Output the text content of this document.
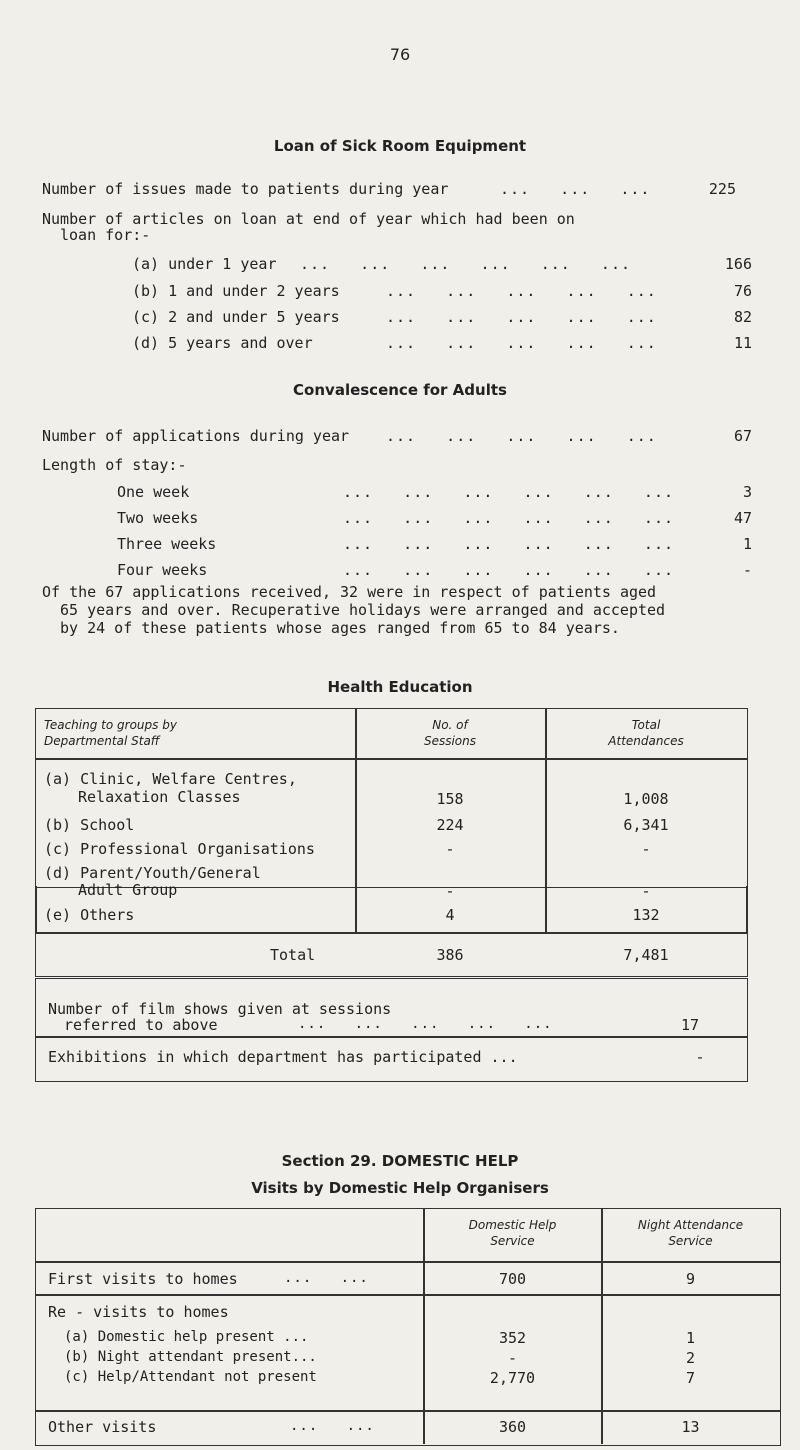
76
Loan of Sick Room Equipment
Number of issues made to patients during year	...   ...   ...	225
Number of articles on loan at end of year which had been on
loan for:-
(a) under 1 year ...   ...   ...   ...   ...   ...	166
(b) 1 and under 2 years	...   ...   ...   ...   ...	76
(c) 2 and under 5 years	...   ...   ...   ...   ...	82
(d) 5 years and over	...   ...   ...   ...   ...	11
Convalescence for Adults
Number of applications during year ...   ...   ...   ...   ...	67
Length of stay:-
One week	...   ...   ...   ...   ...   ...	3
Two weeks	...   ...   ...   ...   ...   ...	47
Three weeks	...   ...   ...   ...   ...   ...	1
Four weeks	...   ...   ...   ...   ...   ...	-
Of the 67 applications received, 32 were in respect of patients aged
65 years and over. Recuperative holidays were arranged and accepted
by 24 of these patients whose ages ranged from 65 to 84 years.
Health Education
Teaching to groups by
Departmental Staff
No. of
Sessions
Total
Attendances
(a) Clinic, Welfare Centres,
Relaxation Classes	158	1,008
(b) School	224	6,341
(c) Professional Organisations	-	-
(d) Parent/Youth/General
Adult Group	-	-
(e) Others	4	132
Total	386	7,481
Number of film shows given at sessions
referred to above	...   ...   ...   ...   ...	17
Exhibitions in which department has participated ...	-
Section 29. DOMESTIC HELP
Visits by Domestic Help Organisers
Domestic Help
Service
Night Attendance
Service
First visits to homes	...   ...	700	9
Re - visits to homes
(a) Domestic help present ...	352	1
(b) Night attendant present...	-	2
(c) Help/Attendant not present	2,770	7
Other visits	...   ...	360	13
